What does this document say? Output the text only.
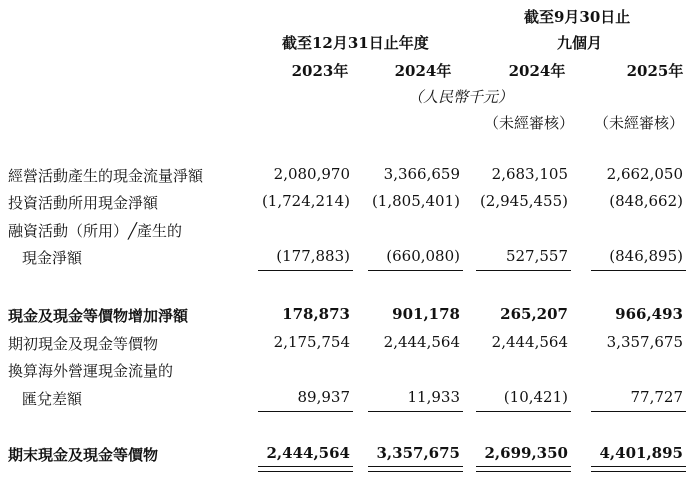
截至9月30日止
截至12月31日止年度	九個月
2023年	2024年	2024年	2025年
（人民幣千元）
（未經審核） （未經審核）
經營活動產生的現金流量淨額	2,080,970	3,366,659	2,683,105	2,662,050
投資活動所用現金淨額	(1,724,214)	(1,805,401)	(2,945,455)	(848,662)
融資活動（所用）╱產生的
現金淨額	(177,883)	(660,080)	527,557	(846,895)
現金及現金等價物增加淨額	178,873	901,178	265,207	966,493
期初現金及現金等價物	2,175,754	2,444,564	2,444,564	3,357,675
換算海外營運現金流量的
匯兌差額	89,937	11,933	(10,421)	77,727
期末現金及現金等價物	2,444,564	3,357,675	2,699,350	4,401,895
